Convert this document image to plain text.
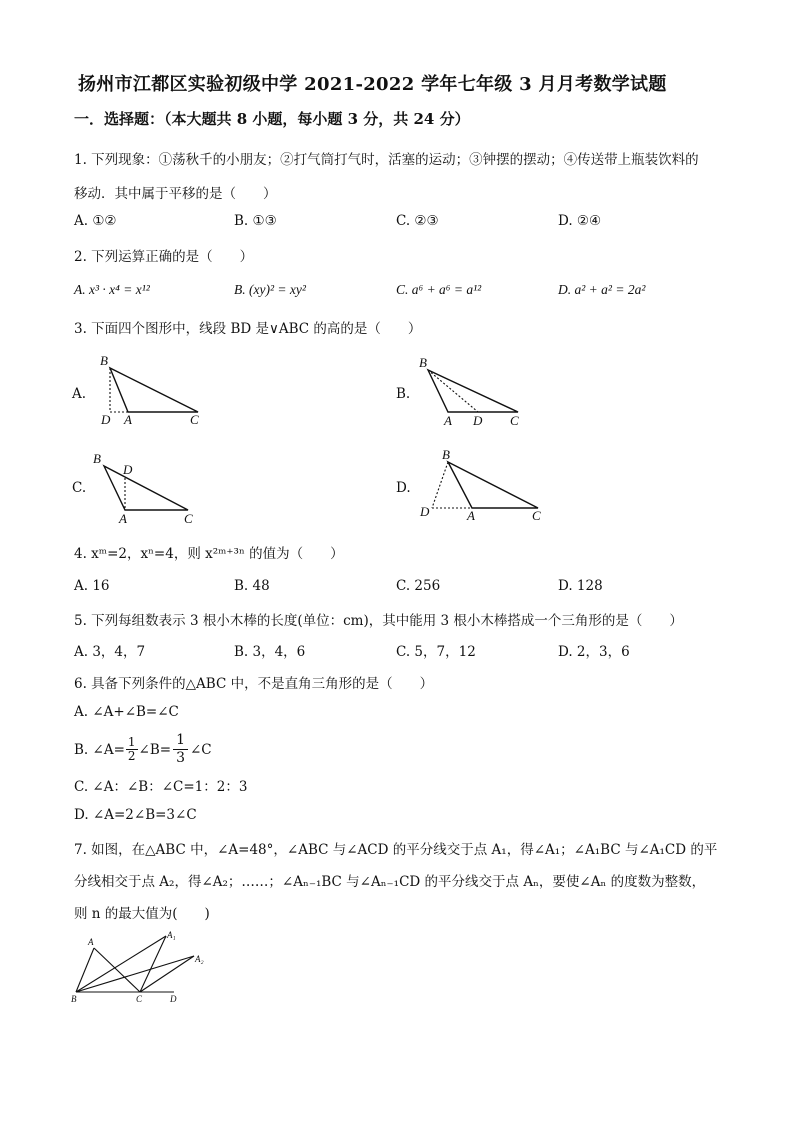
扬州市江都区实验初级中学 2021-2022 学年七年级 3 月月考数学试题
一．选择题：（本大题共 8 小题，每小题 3 分，共 24 分）
1. 下列现象：①荡秋千的小朋友；②打气筒打气时，活塞的运动；③钟摆的摆动；④传送带上瓶装饮料的
移动．其中属于平移的是（　　）
A. ①②	B. ①③	C. ②③	D. ②④
2. 下列运算正确的是（　　）
A. x³ · x⁴ = x¹²	B. (xy)² = xy²	C. a⁶ + a⁶ = a¹²	D. a² + a² = 2a²
3. 下面四个图形中，线段 BD 是∨ABC 的高的是（　　）
A.
B
D A	C
B.
B
A D C
C.
B
D
A	C
D.
B
D	A	C
4. xᵐ=2，xⁿ=4，则 x²ᵐ⁺³ⁿ 的值为（　　）
A. 16	B. 48	C. 256	D. 128
5. 下列每组数表示 3 根小木棒的长度(单位：cm)，其中能用 3 根小木棒搭成一个三角形的是（　　）
A. 3，4，7	B. 3，4，6	C. 5，7，12	D. 2，3，6
6. 具备下列条件的△ABC 中，不是直角三角形的是（　　）
A. ∠A+∠B=∠C
B. ∠A= $\frac{1}{2}$ ∠B= $\frac{1}{3}$ ∠C
C. ∠A：∠B：∠C=1：2：3
D. ∠A=2∠B=3∠C
7. 如图，在△ABC 中，∠A=48°，∠ABC 与∠ACD 的平分线交于点 A₁，得∠A₁；∠A₁BC 与∠A₁CD 的平
分线相交于点 A₂，得∠A₂；……；∠Aₙ₋₁BC 与∠Aₙ₋₁CD 的平分线交于点 Aₙ，要使∠Aₙ 的度数为整数，
则 n 的最大值为(　　)
A
A₁
A₂
B	C	D
